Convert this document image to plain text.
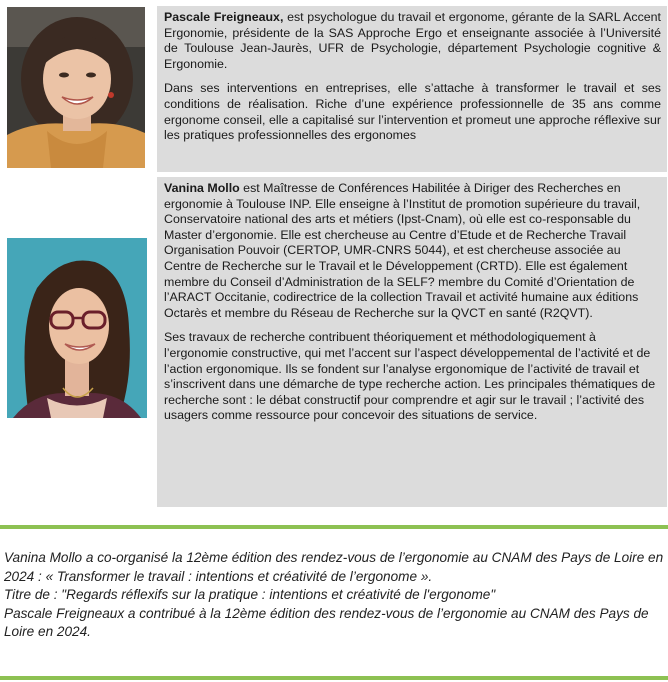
Pascale Freigneaux, est psychologue du travail et ergonome, gérante de la SARL Accent Ergonomie, présidente de la SAS Approche Ergo et enseignante associée à l’Université de Toulouse Jean-Jaurès, UFR de Psychologie, département Psychologie cognitive & Ergonomie.

Dans ses interventions en entreprises, elle s’attache à transformer le travail et ses conditions de réalisation. Riche d’une expérience professionnelle de 35 ans comme ergonome conseil, elle a capitalisé sur l’intervention et promeut une approche réflexive sur les pratiques professionnelles des ergonomes

Vanina Mollo est Maîtresse de Conférences Habilitée à Diriger des Recherches en ergonomie à Toulouse INP. Elle enseigne à l’Institut de promotion supérieure du travail, Conservatoire national des arts et métiers (Ipst-Cnam), où elle est co-responsable du Master d’ergonomie. Elle est chercheuse au Centre d’Etude et de Recherche Travail Organisation Pouvoir (CERTOP, UMR-CNRS 5044), et est chercheuse associée au Centre de Recherche sur le Travail et le Développement (CRTD). Elle est également membre du Conseil d’Administration de la SELF? membre du Comité d’Orientation de l’ARACT Occitanie, codirectrice de la collection Travail et activité humaine aux éditions Octarès et membre du Réseau de Recherche sur la QVCT en santé (R2QVT).

Ses travaux de recherche contribuent théoriquement et méthodologiquement à l’ergonomie constructive, qui met l’accent sur l’aspect développemental de l’activité et de l’action ergonomique. Ils se fondent sur l’analyse ergonomique de l’activité de travail et s’inscrivent dans une démarche de type recherche action. Les principales thématiques de recherche sont : le débat constructif pour comprendre et agir sur le travail ; l’activité des usagers comme ressource pour concevoir des situations de service.

Vanina Mollo a co-organisé la 12ème édition des rendez-vous de l’ergonomie au CNAM des Pays de Loire en 2024 : « Transformer le travail : intentions et créativité de l’ergonome ».
Titre de : "Regards réflexifs sur la pratique : intentions et créativité de l'ergonome"
Pascale Freigneaux a contribué à la 12ème édition des rendez-vous de l’ergonomie au CNAM des Pays de Loire en 2024.
